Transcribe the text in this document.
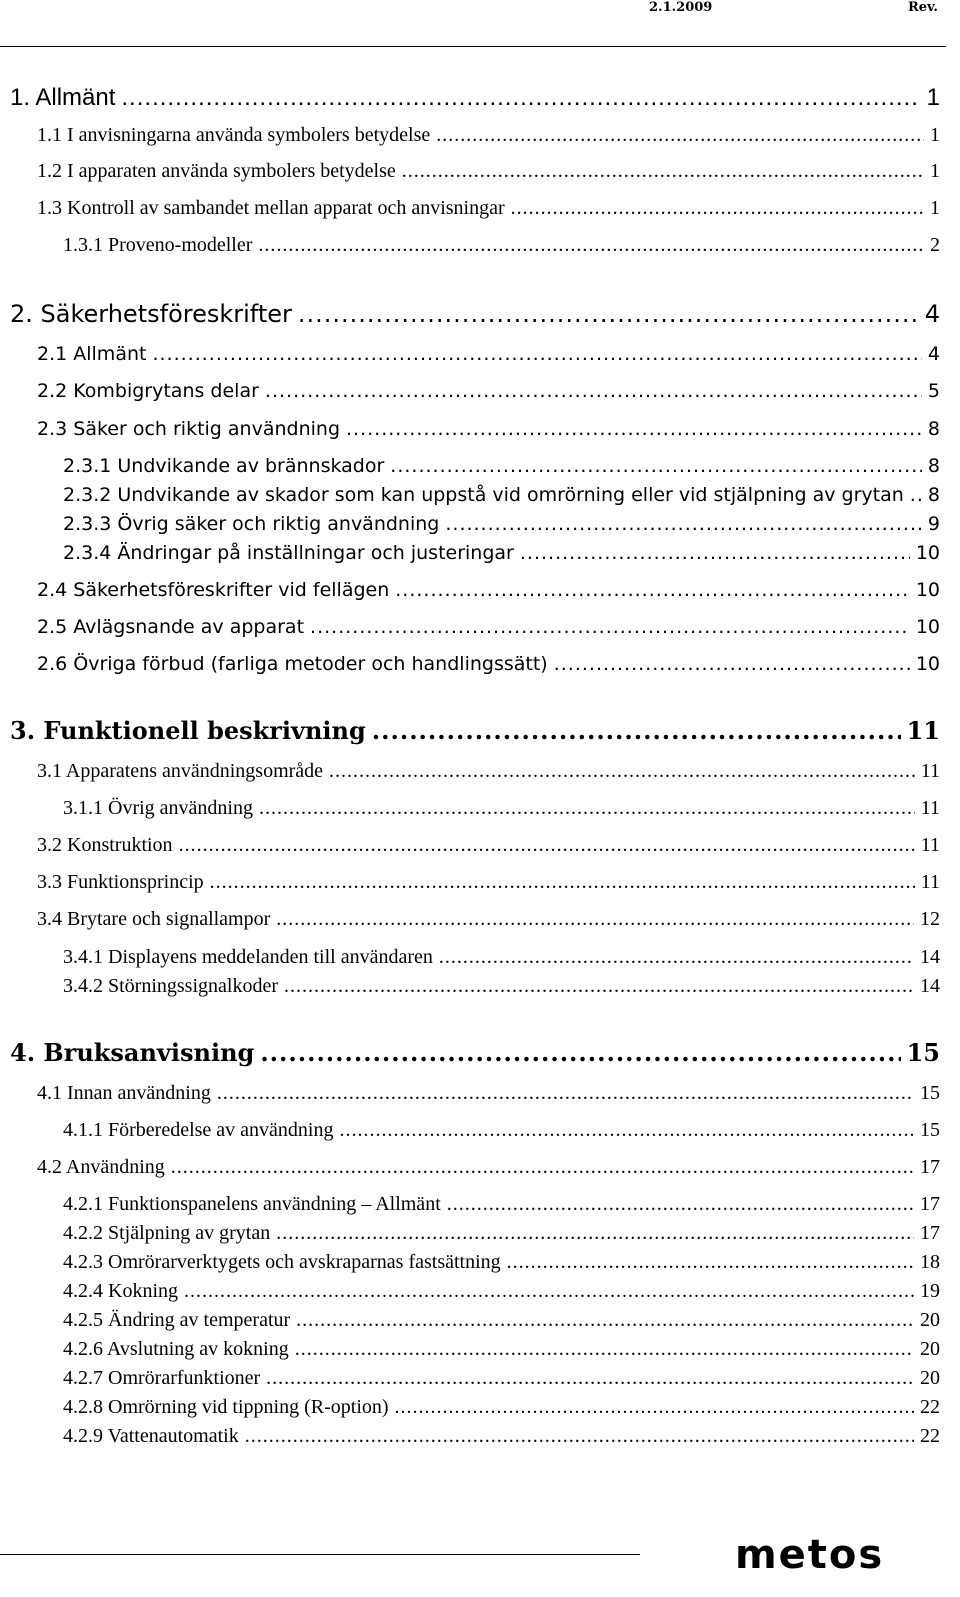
2.1.2009	Rev.
1. Allmänt .....	1
1.1 I anvisningarna använda symbolers betydelse .....	1
1.2 I apparaten använda symbolers betydelse .....	1
1.3 Kontroll av sambandet mellan apparat och anvisningar .....	1
1.3.1 Proveno-modeller .....	2
2. Säkerhetsföreskrifter .....	4
2.1 Allmänt .....	4
2.2 Kombigrytans delar .....	5
2.3 Säker och riktig användning .....	8
2.3.1 Undvikande av brännskador .....	8
2.3.2 Undvikande av skador som kan uppstå vid omrörning eller vid stjälpning av grytan ..... 8
2.3.3 Övrig säker och riktig användning .....	9
2.3.4 Ändringar på inställningar och justeringar .....	10
2.4 Säkerhetsföreskrifter vid fellägen .....	10
2.5 Avlägsnande av apparat .....	10
2.6 Övriga förbud (farliga metoder och handlingssätt) .....	10
3. Funktionell beskrivning .....	11
3.1 Apparatens användningsområde .....	11
3.1.1 Övrig användning .....	11
3.2 Konstruktion .....	11
3.3 Funktionsprincip .....	11
3.4 Brytare och signallampor .....	12
3.4.1 Displayens meddelanden till användaren .....	14
3.4.2 Störningssignalkoder .....	14
4. Bruksanvisning .....	15
4.1 Innan användning .....	15
4.1.1 Förberedelse av användning .....	15
4.2 Användning .....	17
4.2.1 Funktionspanelens användning – Allmänt .....	17
4.2.2 Stjälpning av grytan .....	17
4.2.3 Omrörarverktygets och avskraparnas fastsättning .....	18
4.2.4 Kokning .....	19
4.2.5 Ändring av temperatur .....	20
4.2.6 Avslutning av kokning .....	20
4.2.7 Omrörarfunktioner .....	20
4.2.8 Omrörning vid tippning (R-option) .....	22
4.2.9 Vattenautomatik .....	22
metos
